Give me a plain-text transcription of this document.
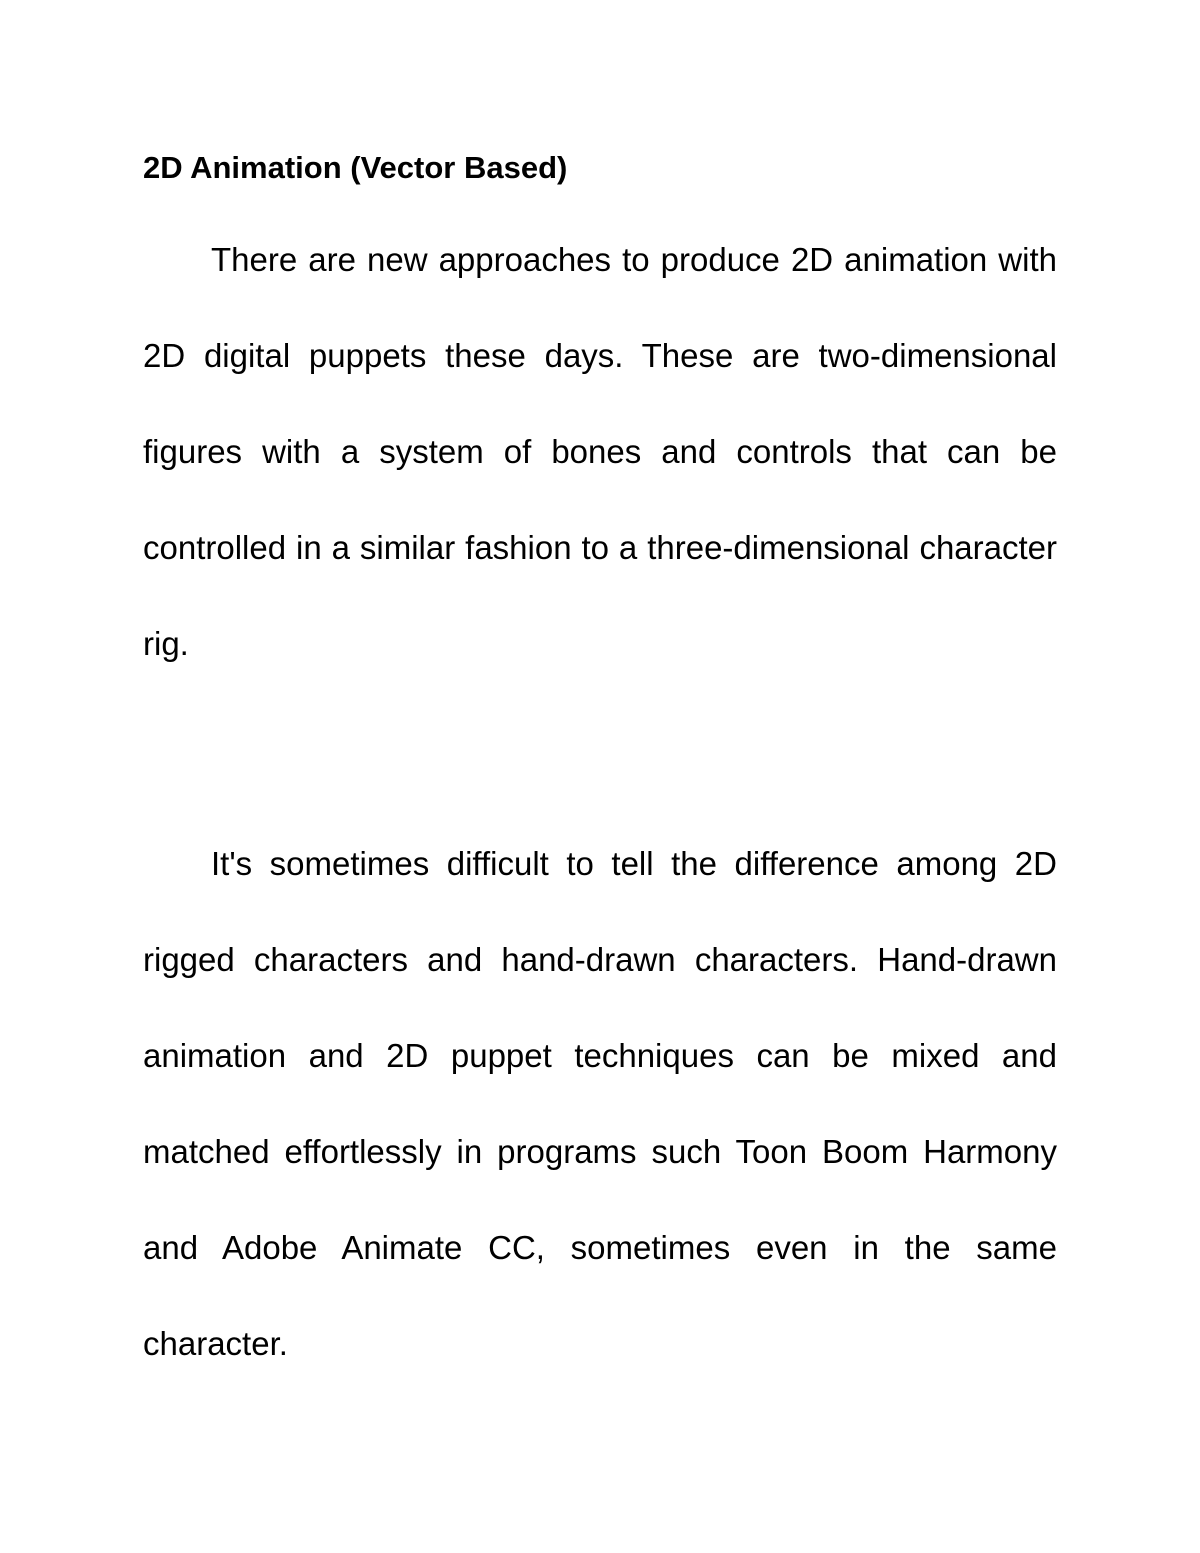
2D Animation (Vector Based)

There are new approaches to produce 2D animation with 2D digital puppets these days. These are two-dimensional figures with a system of bones and controls that can be controlled in a similar fashion to a three-dimensional character rig.

It's sometimes difficult to tell the difference among 2D rigged characters and hand-drawn characters. Hand-drawn animation and 2D puppet techniques can be mixed and matched effortlessly in programs such Toon Boom Harmony and Adobe Animate CC, sometimes even in the same character.
